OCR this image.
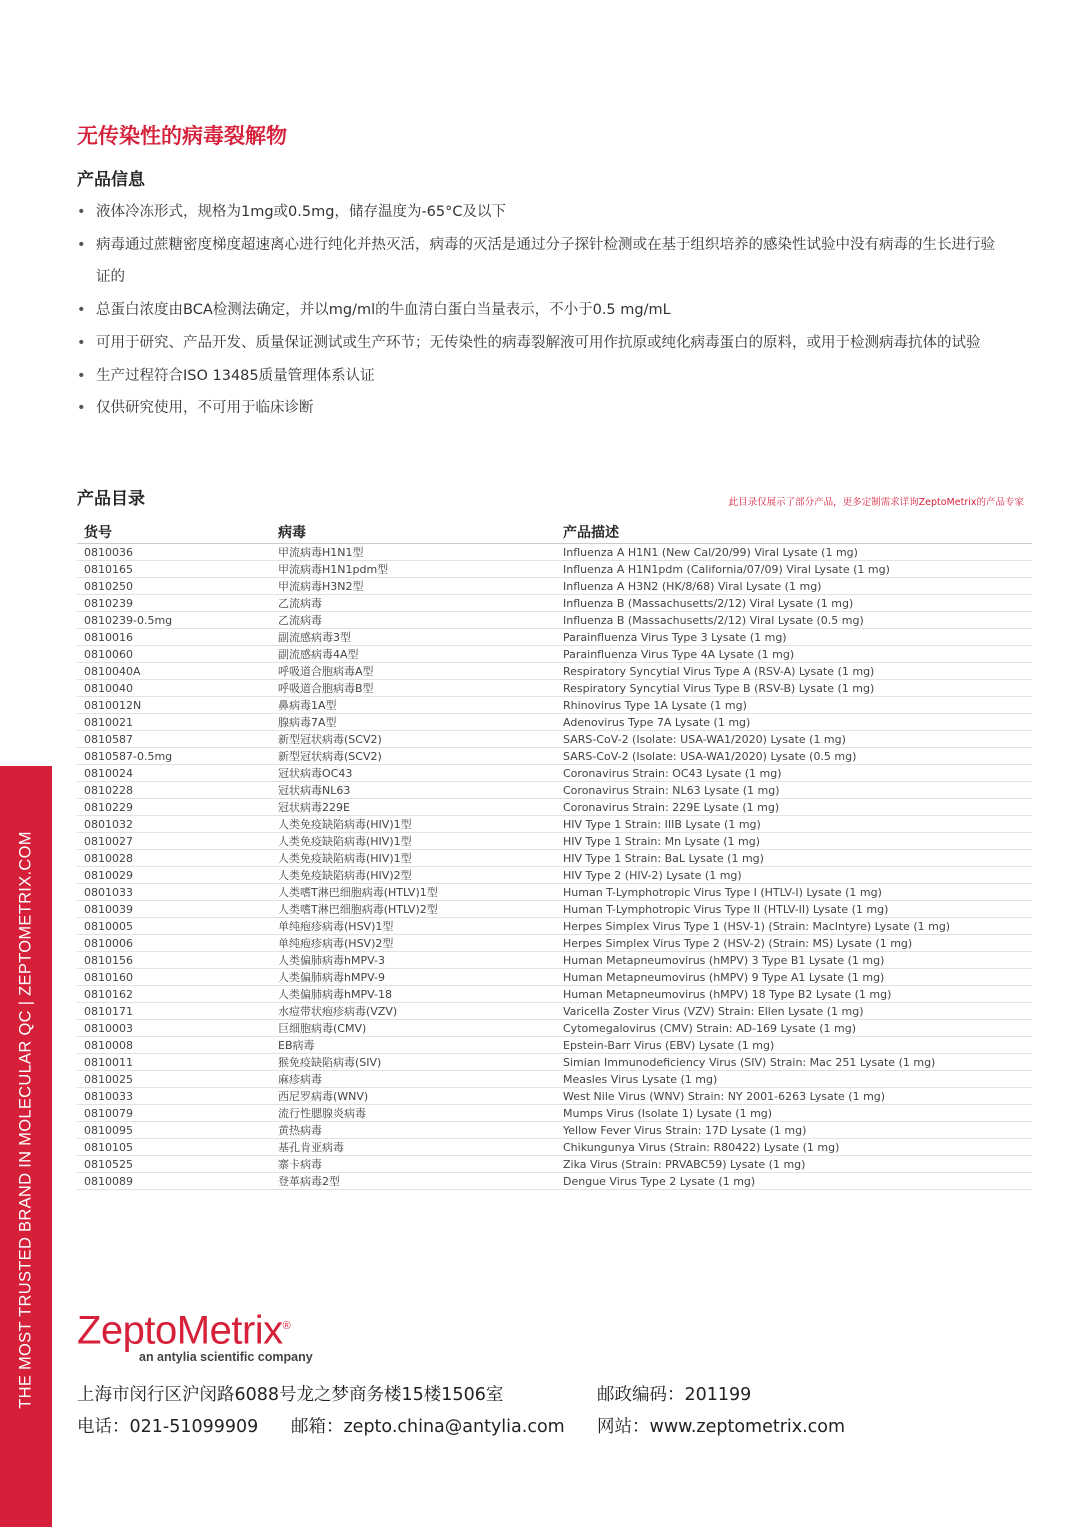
THE MOST TRUSTED BRAND IN MOLECULAR QC | ZEPTOMETRIX.COM
无传染性的病毒裂解物
产品信息
• 液体冷冻形式，规格为1mg或0.5mg，储存温度为-65°C及以下
• 病毒通过蔗糖密度梯度超速离心进行纯化并热灭活，病毒的灭活是通过分子探针检测或在基于组织培养的感染性试验中没有病毒的生长进行验证的
• 总蛋白浓度由BCA检测法确定，并以mg/ml的牛血清白蛋白当量表示，不小于0.5 mg/mL
• 可用于研究、产品开发、质量保证测试或生产环节；无传染性的病毒裂解液可用作抗原或纯化病毒蛋白的原料，或用于检测病毒抗体的试验
• 生产过程符合ISO 13485质量管理体系认证
• 仅供研究使用，不可用于临床诊断
产品目录	此目录仅展示了部分产品，更多定制需求详询ZeptoMetrix的产品专家
货号	病毒	产品描述
0810036	甲流病毒H1N1型	Influenza A H1N1 (New Cal/20/99) Viral Lysate (1 mg)
0810165	甲流病毒H1N1pdm型	Influenza A H1N1pdm (California/07/09) Viral Lysate (1 mg)
0810250	甲流病毒H3N2型	Influenza A H3N2 (HK/8/68) Viral Lysate (1 mg)
0810239	乙流病毒	Influenza B (Massachusetts/2/12) Viral Lysate (1 mg)
0810239-0.5mg	乙流病毒	Influenza B (Massachusetts/2/12) Viral Lysate (0.5 mg)
0810016	副流感病毒3型	Parainfluenza Virus Type 3 Lysate (1 mg)
0810060	副流感病毒4A型	Parainfluenza Virus Type 4A Lysate (1 mg)
0810040A	呼吸道合胞病毒A型	Respiratory Syncytial Virus Type A (RSV-A) Lysate (1 mg)
0810040	呼吸道合胞病毒B型	Respiratory Syncytial Virus Type B (RSV-B) Lysate (1 mg)
0810012N	鼻病毒1A型	Rhinovirus Type 1A Lysate (1 mg)
0810021	腺病毒7A型	Adenovirus Type 7A Lysate (1 mg)
0810587	新型冠状病毒(SCV2)	SARS-CoV-2 (Isolate: USA-WA1/2020) Lysate (1 mg)
0810587-0.5mg	新型冠状病毒(SCV2)	SARS-CoV-2 (Isolate: USA-WA1/2020) Lysate (0.5 mg)
0810024	冠状病毒OC43	Coronavirus Strain: OC43 Lysate (1 mg)
0810228	冠状病毒NL63	Coronavirus Strain: NL63 Lysate (1 mg)
0810229	冠状病毒229E	Coronavirus Strain: 229E Lysate (1 mg)
0801032	人类免疫缺陷病毒(HIV)1型	HIV Type 1 Strain: IIIB Lysate (1 mg)
0810027	人类免疫缺陷病毒(HIV)1型	HIV Type 1 Strain: Mn Lysate (1 mg)
0810028	人类免疫缺陷病毒(HIV)1型	HIV Type 1 Strain: BaL Lysate (1 mg)
0810029	人类免疫缺陷病毒(HIV)2型	HIV Type 2 (HIV-2) Lysate (1 mg)
0801033	人类嗜T淋巴细胞病毒(HTLV)1型	Human T-Lymphotropic Virus Type I (HTLV-I) Lysate (1 mg)
0810039	人类嗜T淋巴细胞病毒(HTLV)2型	Human T-Lymphotropic Virus Type II (HTLV-II) Lysate (1 mg)
0810005	单纯疱疹病毒(HSV)1型	Herpes Simplex Virus Type 1 (HSV-1) (Strain: MacIntyre) Lysate (1 mg)
0810006	单纯疱疹病毒(HSV)2型	Herpes Simplex Virus Type 2 (HSV-2) (Strain: MS) Lysate (1 mg)
0810156	人类偏肺病毒hMPV-3	Human Metapneumovirus (hMPV) 3 Type B1 Lysate (1 mg)
0810160	人类偏肺病毒hMPV-9	Human Metapneumovirus (hMPV) 9 Type A1 Lysate (1 mg)
0810162	人类偏肺病毒hMPV-18	Human Metapneumovirus (hMPV) 18 Type B2 Lysate (1 mg)
0810171	水痘带状疱疹病毒(VZV)	Varicella Zoster Virus (VZV) Strain: Ellen Lysate (1 mg)
0810003	巨细胞病毒(CMV)	Cytomegalovirus (CMV) Strain: AD-169 Lysate (1 mg)
0810008	EB病毒	Epstein-Barr Virus (EBV) Lysate (1 mg)
0810011	猴免疫缺陷病毒(SIV)	Simian Immunodeficiency Virus (SIV) Strain: Mac 251 Lysate (1 mg)
0810025	麻疹病毒	Measles Virus Lysate (1 mg)
0810033	西尼罗病毒(WNV)	West Nile Virus (WNV) Strain: NY 2001-6263 Lysate (1 mg)
0810079	流行性腮腺炎病毒	Mumps Virus (Isolate 1) Lysate (1 mg)
0810095	黄热病毒	Yellow Fever Virus Strain: 17D Lysate (1 mg)
0810105	基孔肯亚病毒	Chikungunya Virus (Strain: R80422) Lysate (1 mg)
0810525	寨卡病毒	Zika Virus (Strain: PRVABC59) Lysate (1 mg)
0810089	登革病毒2型	Dengue Virus Type 2 Lysate (1 mg)
ZeptoMetrix®
an antylia scientific company
上海市闵行区沪闵路6088号龙之梦商务楼15楼1506室	邮政编码：201199
电话：021-51099909 邮箱：zepto.china@antylia.com 网站：www.zeptometrix.com
